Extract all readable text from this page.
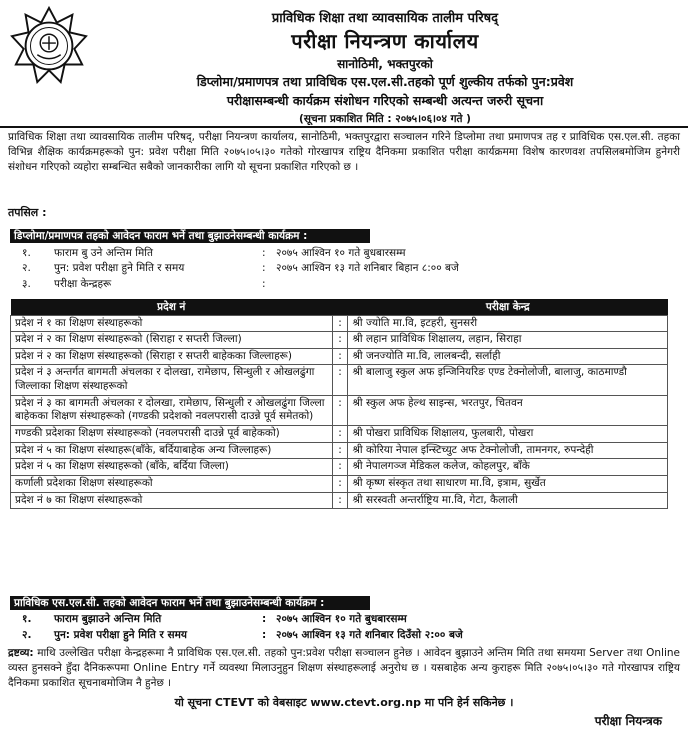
प्राविधिक शिक्षा तथा व्यावसायिक तालीम परिषद्
परीक्षा नियन्त्रण कार्यालय
सानोठिमी, भक्तपुरको
डिप्लोमा/प्रमाणपत्र तथा प्राविधिक एस.एल.सी.तहको पूर्ण शुल्कीय तर्फको पुन:प्रवेश
परीक्षासम्बन्धी कार्यक्रम संशोधन गरिएको सम्बन्धी अत्यन्त जरुरी सूचना
(सूचना प्रकाशित मिति : २०७५।०६।०४ गते )
प्राविधिक शिक्षा तथा व्यावसायिक तालीम परिषद्, परीक्षा नियन्त्रण कार्यालय, सानोठिमी, भक्तपुरद्वारा सञ्चालन गरिने डिप्लोमा तथा प्रमाणपत्र तह र प्राविधिक एस.एल.सी. तहका विभिन्न शैक्षिक कार्यक्रमहरूको पुन: प्रवेश परीक्षा मिति २०७५।०५।३० गतेको गोरखापत्र राष्ट्रिय दैनिकमा प्रकाशित परीक्षा कार्यक्रममा विशेष कारणवश तपसिलबमोजिम हुनेगरी संशोधन गरिएको व्यहोरा सम्बन्धित सबैको जानकारीका लागि यो सूचना प्रकाशित गरिएको छ ।
तपसिल :
डिप्लोमा/प्रमाणपत्र तहको आवेदन फाराम भर्ने तथा बुझाउनेसम्बन्धी कार्यक्रम :
१. फाराम बु उने अन्तिम मिति	: २०७५ आश्विन १० गते बुधबारसम्म
२. पुन: प्रवेश परीक्षा हुने मिति र समय	: २०७५ आश्विन १३ गते शनिबार बिहान ८:०० बजे
३. परीक्षा केन्द्रहरू	:
प्रदेश नं		परीक्षा केन्द्र
प्रदेश नं १ का शिक्षण संस्थाहरूको	:	श्री ज्योति मा.वि, इटहरी, सुनसरी
प्रदेश नं २ का शिक्षण संस्थाहरूको (सिराहा र सप्तरी जिल्ला)	:	श्री लहान प्राविधिक शिक्षालय, लहान, सिराहा
प्रदेश नं २ का शिक्षण संस्थाहरूको (सिराहा र सप्तरी बाहेकका जिल्लाहरू)	:	श्री जनज्योति मा.वि, लालबन्दी, सर्लाही
प्रदेश नं ३ अन्तर्गत बागमती अंचलका र दोलखा, रामेछाप, सिन्धुली र ओखलढुंगा जिल्लाका शिक्षण संस्थाहरूको	:	श्री बालाजु स्कुल अफ इन्जिनियरिङ एण्ड टेक्नोलोजी, बालाजु, काठमाण्डौ
प्रदेश नं ३ का बागमती अंचलका र दोलखा, रामेछाप, सिन्धुली र ओखलढुंगा जिल्ला बाहेकका शिक्षण संस्थाहरूको (गण्डकी प्रदेशको नवलपरासी दाउन्ने पूर्व समेतको)	:	श्री स्कुल अफ हेल्थ साइन्स, भरतपुर, चितवन
गण्डकी प्रदेशका शिक्षण संस्थाहरूको (नवलपरासी दाउन्ने पूर्व बाहेकको)	:	श्री पोखरा प्राविधिक शिक्षालय, फुलबारी, पोखरा
प्रदेश नं ५ का शिक्षण संस्थाहरू(बाँके, बर्दियाबाहेक अन्य जिल्लाहरू)	:	श्री कोरिया नेपाल इन्स्टिच्युट अफ टेक्नोलोजी, तामनगर, रुपन्देही
प्रदेश नं ५ का शिक्षण संस्थाहरूको (बाँके, बर्दिया जिल्ला)	:	श्री नेपालगञ्ज मेडिकल कलेज, कोहलपुर, बाँके
कर्णाली प्रदेशका शिक्षण संस्थाहरूको	:	श्री कृष्ण संस्कृत तथा साधारण मा.वि, इत्राम, सुर्खेत
प्रदेश नं ७ का शिक्षण संस्थाहरूको	:	श्री सरस्वती अन्तर्राष्ट्रिय मा.वि, गेटा, कैलाली
प्राविधिक एस.एल.सी. तहको आवेदन फाराम भर्ने तथा बुझाउनेसम्बन्धी कार्यक्रम :
१. फाराम बुझाउने अन्तिम मिति	: २०७५ आश्विन १० गते बुधबारसम्म
२. पुन: प्रवेश परीक्षा हुने मिति र समय	: २०७५ आश्विन १३ गते शनिबार दिउँसो २:०० बजे
द्रष्टव्य: माथि उल्लेखित परीक्षा केन्द्रहरूमा नै प्राविधिक एस.एल.सी. तहको पुन:प्रवेश परीक्षा सञ्चालन हुनेछ । आवेदन बुझाउने अन्तिम मिति तथा समयमा Server तथा Online व्यस्त हुनसक्ने हुँदा दैनिकरूपमा Online Entry गर्ने व्यवस्था मिलाउनुहुन शिक्षण संस्थाहरूलाई अनुरोध छ । यसबाहेक अन्य कुराहरू मिति २०७५।०५।३० गते गोरखापत्र राष्ट्रिय दैनिकमा प्रकाशित सूचनाबमोजिम नै हुनेछ ।
यो सूचना CTEVT को वेबसाइट www.ctevt.org.np मा पनि हेर्न सकिनेछ ।
परीक्षा नियन्त्रक
